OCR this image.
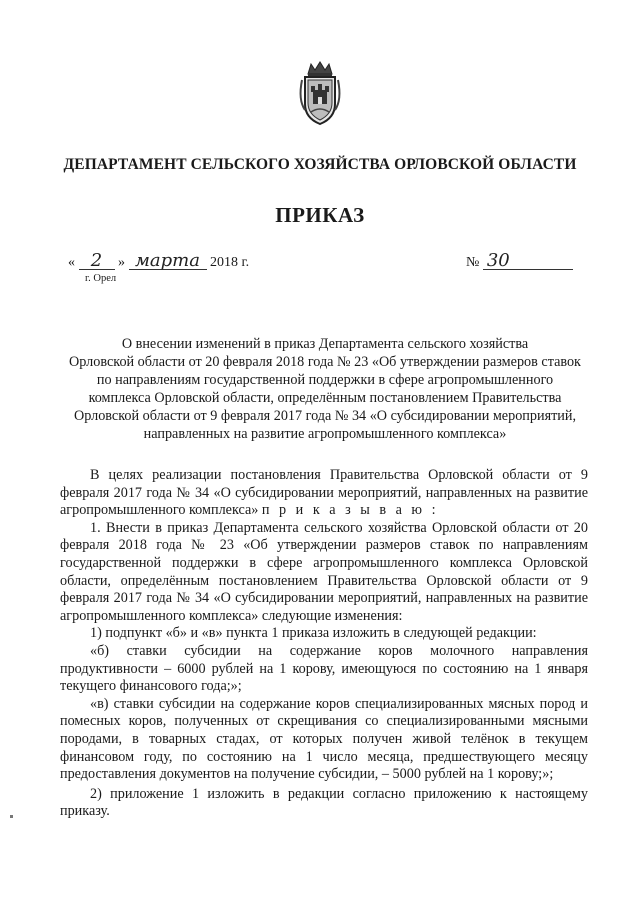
ДЕПАРТАМЕНТ СЕЛЬСКОГО ХОЗЯЙСТВА ОРЛОВСКОЙ ОБЛАСТИ
ПРИКАЗ
« 2 » марта 2018 г.
г. Орел
№ 30
О внесении изменений в приказ Департамента сельского хозяйства
Орловской области от 20 февраля 2018 года № 23 «Об утверждении размеров ставок
по направлениям государственной поддержки в сфере агропромышленного
комплекса Орловской области, определённым постановлением Правительства
Орловской области от 9 февраля 2017 года № 34 «О субсидировании мероприятий,
направленных на развитие агропромышленного комплекса»

В целях реализации постановления Правительства Орловской области от 9 февраля 2017 года № 34 «О субсидировании мероприятий, направленных на развитие агропромышленного комплекса» п р и к а з ы в а ю :

1. Внести в приказ Департамента сельского хозяйства Орловской области от 20 февраля 2018 года № 23 «Об утверждении размеров ставок по направлениям государственной поддержки в сфере агропромышленного комплекса Орловской области, определённым постановлением Правительства Орловской области от 9 февраля 2017 года № 34 «О субсидировании мероприятий, направленных на развитие агропромышленного комплекса» следующие изменения:

1) подпункт «б» и «в» пункта 1 приказа изложить в следующей редакции:

«б) ставки субсидии на содержание коров молочного направления продуктивности – 6000 рублей на 1 корову, имеющуюся по состоянию на 1 января текущего финансового года;»;

«в) ставки субсидии на содержание коров специализированных мясных пород и помесных коров, полученных от скрещивания со специализированными мясными породами, в товарных стадах, от которых получен живой телёнок в текущем финансовом году, по состоянию на 1 число месяца, предшествующего месяцу предоставления документов на получение субсидии, – 5000 рублей на 1 корову;»;

2) приложение 1 изложить в редакции согласно приложению к настоящему приказу.
